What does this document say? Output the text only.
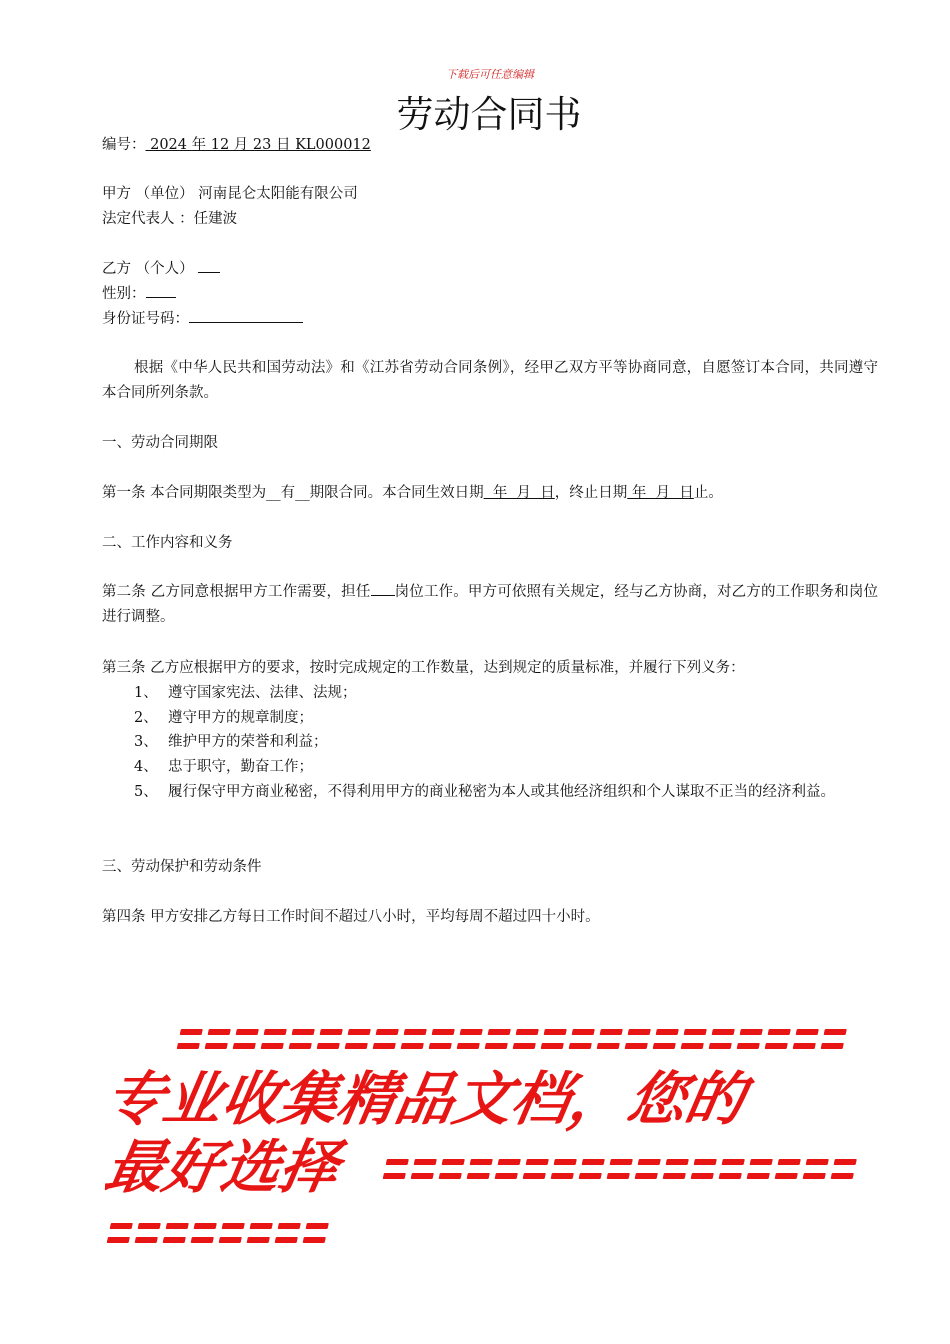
下载后可任意编辑
劳动合同书
编号： 2024 年 12 月 23 日 KL000012
甲方 （单位） 河南昆仑太阳能有限公司
法定代表人 ：任建波
乙方 （个人）
性别：
身份证号码：
根据《中华人民共和国劳动法》和《江苏省劳动合同条例》，经甲乙双方平等协商同意，自愿签订本合同，共同遵守本合同所列条款。
一、劳动合同期限
第一条 本合同期限类型为__有__期限合同。本合同生效日期  年  月  日，终止日期 年  月  日止。
二、工作内容和义务
第二条 乙方同意根据甲方工作需要，担任 岗位工作。甲方可依照有关规定，经与乙方协商，对乙方的工作职务和岗位进行调整。
第三条 乙方应根据甲方的要求，按时完成规定的工作数量，达到规定的质量标准，并履行下列义务：
1、 遵守国家宪法、法律、法规；
2、 遵守甲方的规章制度；
3、 维护甲方的荣誉和利益；
4、 忠于职守，勤奋工作；
5、 履行保守甲方商业秘密，不得利用甲方的商业秘密为本人或其他经济组织和个人谋取不正当的经济利益。
三、劳动保护和劳动条件
第四条 甲方安排乙方每日工作时间不超过八小时，平均每周不超过四十小时。
专业收集精品文档，您的
最好选择
